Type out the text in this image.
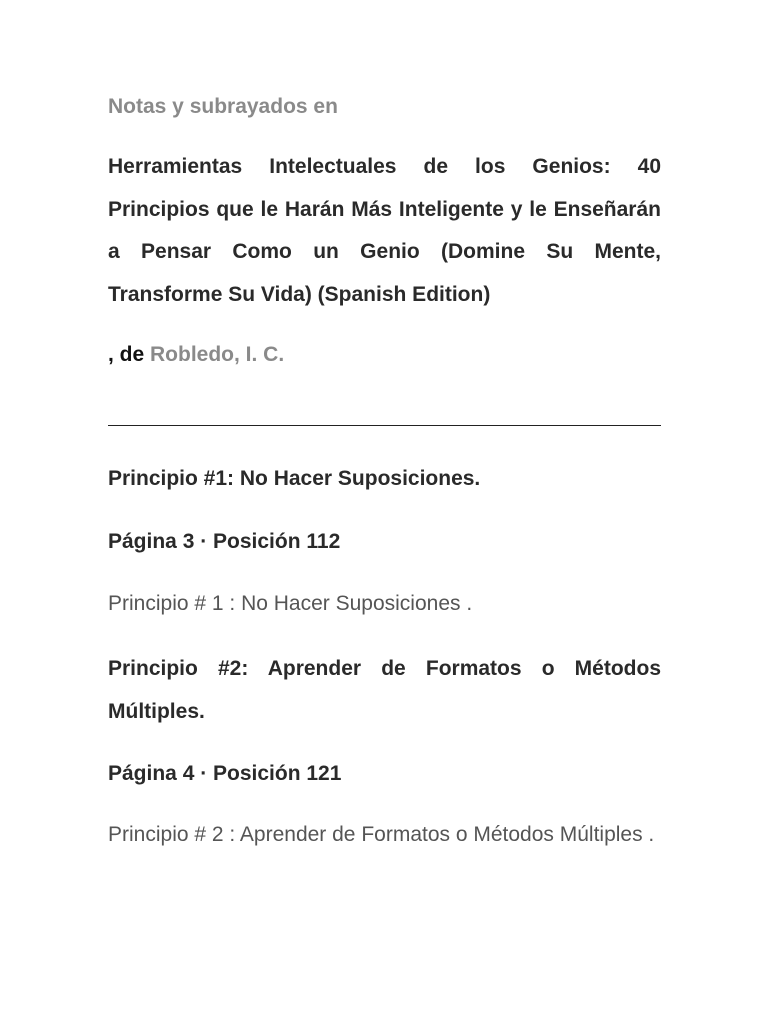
Notas y subrayados en
Herramientas Intelectuales de los Genios: 40 Principios que le Harán Más Inteligente y le Enseñarán a Pensar Como un Genio (Domine Su Mente, Transforme Su Vida) (Spanish Edition)
, de Robledo, I. C.
Principio #1: No Hacer Suposiciones.
Página 3 · Posición 112
Principio # 1 : No Hacer Suposiciones .
Principio #2: Aprender de Formatos o Métodos Múltiples.
Página 4 · Posición 121
Principio # 2 : Aprender de Formatos o Métodos Múltiples .
